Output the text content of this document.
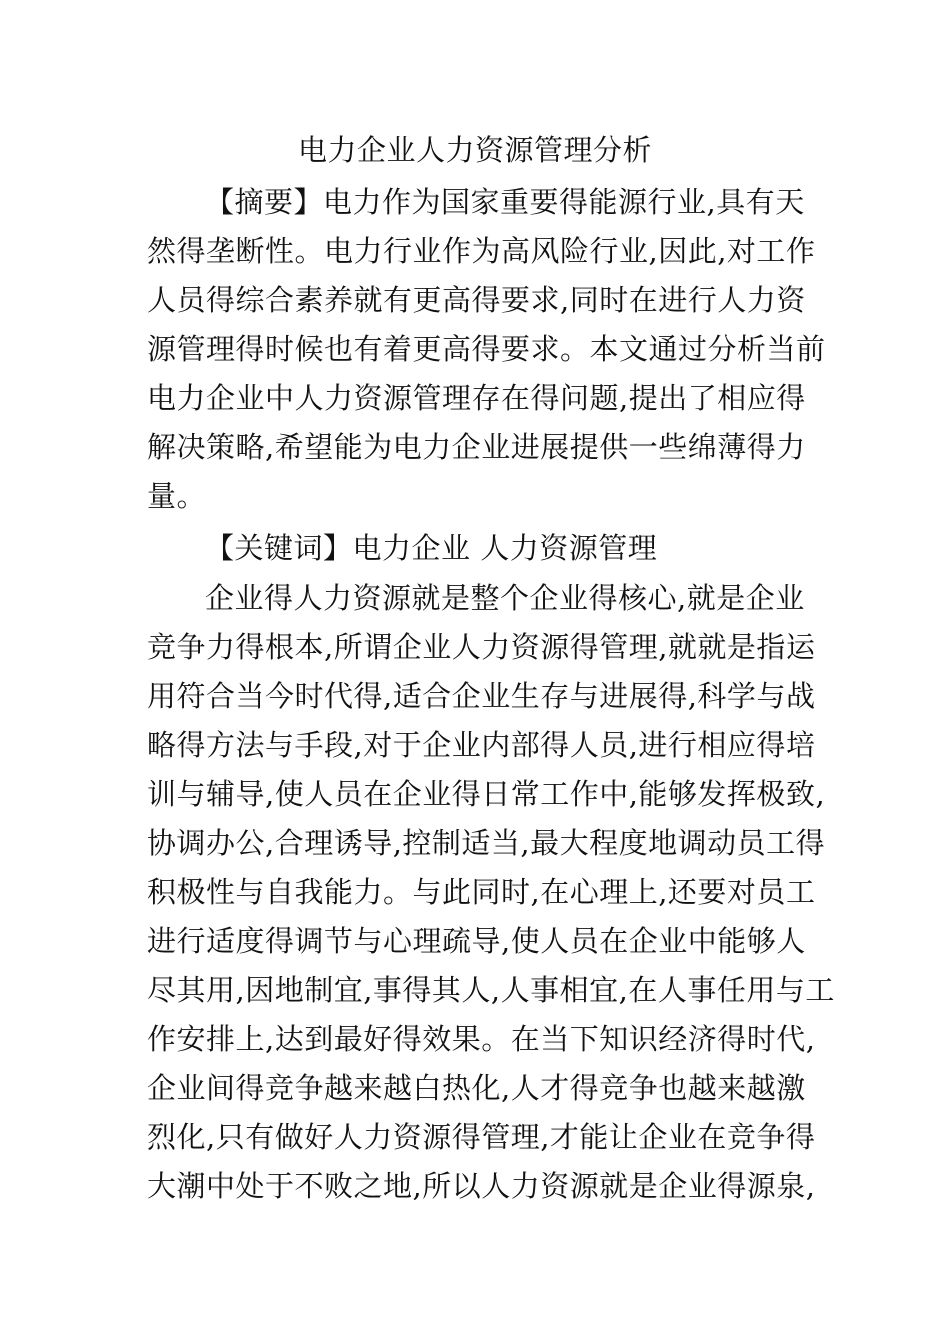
电力企业人力资源管理分析

【摘要】电力作为国家重要得能源行业,具有天

然得垄断性。电力行业作为高风险行业,因此,对工作

人员得综合素养就有更高得要求,同时在进行人力资

源管理得时候也有着更高得要求。本文通过分析当前

电力企业中人力资源管理存在得问题,提出了相应得

解决策略,希望能为电力企业进展提供一些绵薄得力

量。

【关键词】电力企业 人力资源管理

企业得人力资源就是整个企业得核心,就是企业

竞争力得根本,所谓企业人力资源得管理,就就是指运

用符合当今时代得,适合企业生存与进展得,科学与战

略得方法与手段,对于企业内部得人员,进行相应得培

训与辅导,使人员在企业得日常工作中,能够发挥极致,

协调办公,合理诱导,控制适当,最大程度地调动员工得

积极性与自我能力。与此同时,在心理上,还要对员工

进行适度得调节与心理疏导,使人员在企业中能够人

尽其用,因地制宜,事得其人,人事相宜,在人事任用与工

作安排上,达到最好得效果。在当下知识经济得时代,

企业间得竞争越来越白热化,人才得竞争也越来越激

烈化,只有做好人力资源得管理,才能让企业在竞争得

大潮中处于不败之地,所以人力资源就是企业得源泉,
